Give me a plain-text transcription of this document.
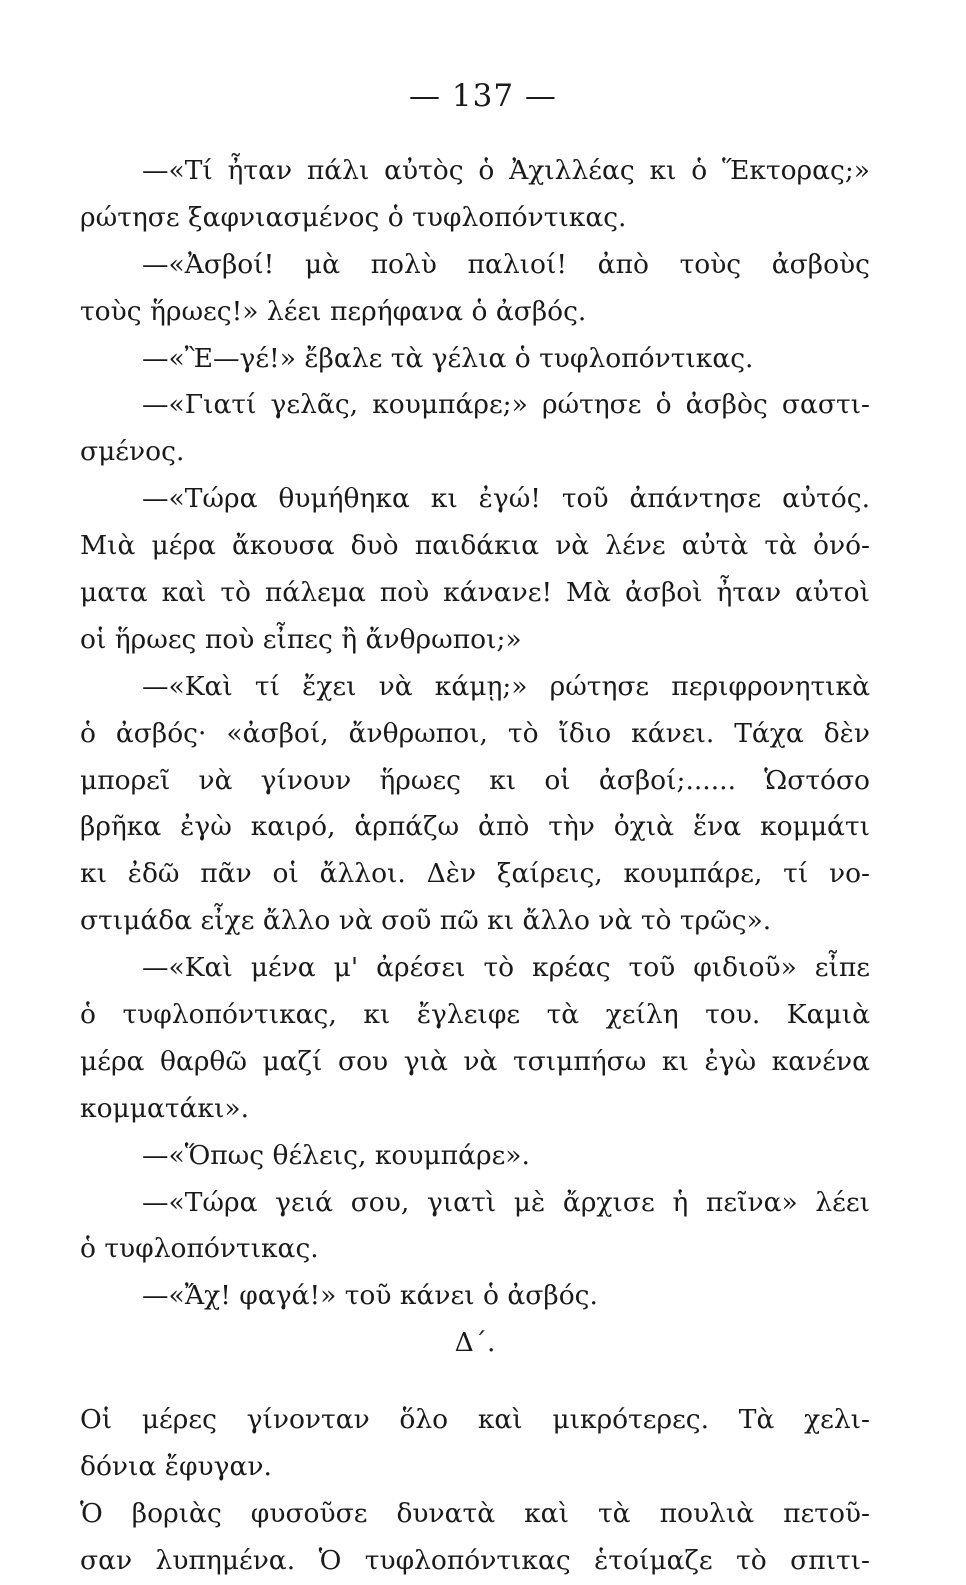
— 137 —
—«Τί ἦταν πάλι αὐτὸς ὁ Ἀχιλλέας κι ὁ Ἕκτορας;»
ρώτησε ξαφνιασμένος ὁ τυφλοπόντικας.
—«Ἀσβοί! μὰ πολὺ παλιοί! ἀπὸ τοὺς ἀσβοὺς
τοὺς ἥρωες!» λέει περήφανα ὁ ἀσβός.
—«Ἒ—γέ!» ἔβαλε τὰ γέλια ὁ τυφλοπόντικας.
—«Γιατί γελᾶς, κουμπάρε;» ρώτησε ὁ ἀσβὸς σαστι-
σμένος.
—«Τώρα θυμήθηκα κι ἐγώ! τοῦ ἀπάντησε αὐτός.
Μιὰ μέρα ἄκουσα δυὸ παιδάκια νὰ λένε αὐτὰ τὰ ὀνό-
ματα καὶ τὸ πάλεμα ποὺ κάνανε! Μὰ ἀσβοὶ ἦταν αὐτοὶ
οἱ ἥρωες ποὺ εἶπες ἢ ἄνθρωποι;»
—«Καὶ τί ἔχει νὰ κάμῃ;» ρώτησε περιφρονητικὰ
ὁ ἀσβός· «ἀσβοί, ἄνθρωποι, τὸ ἴδιο κάνει. Τάχα δὲν
μπορεῖ νὰ γίνουν ἥρωες κι οἱ ἀσβοί;...... Ὡστόσο
βρῆκα ἐγὼ καιρό, ἁρπάζω ἀπὸ τὴν ὀχιὰ ἕνα κομμάτι
κι ἐδῶ πᾶν οἱ ἄλλοι. Δὲν ξαίρεις, κουμπάρε, τί νο-
στιμάδα εἶχε ἄλλο νὰ σοῦ πῶ κι ἄλλο νὰ τὸ τρῶς».
—«Καὶ μένα μ' ἀρέσει τὸ κρέας τοῦ φιδιοῦ» εἶπε
ὁ τυφλοπόντικας, κι ἔγλειφε τὰ χείλη του. Καμιὰ
μέρα θαρθῶ μαζί σου γιὰ νὰ τσιμπήσω κι ἐγὼ κανένα
κομματάκι».
—«Ὅπως θέλεις, κουμπάρε».
—«Τώρα γειά σου, γιατὶ μὲ ἄρχισε ἡ πεῖνα» λέει
ὁ τυφλοπόντικας.
—«Ἄχ! φαγά!» τοῦ κάνει ὁ ἀσβός.
Δ΄.
Οἱ μέρες γίνονταν ὅλο καὶ μικρότερες. Τὰ χελι-
δόνια ἔφυγαν.
Ὁ βοριὰς φυσοῦσε δυνατὰ καὶ τὰ πουλιὰ πετοῦ-
σαν λυπημένα. Ὁ τυφλοπόντικας ἑτοίμαζε τὸ σπιτι-
